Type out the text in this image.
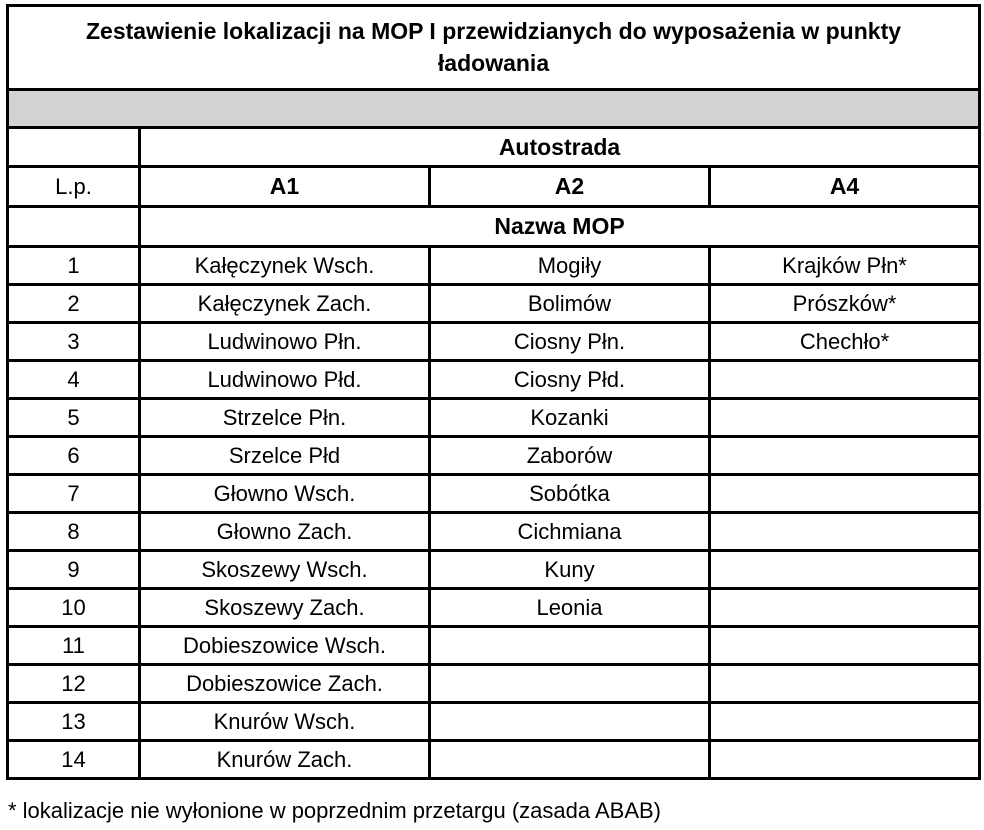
Zestawienie lokalizacji na MOP I przewidzianych do wyposażenia w punkty ładowania			

	Autostrada		
L.p.	A1	A2	A4
	Nazwa MOP		
1	Kałęczynek Wsch.	Mogiły	Krajków Płn*
2	Kałęczynek Zach.	Bolimów	Prószków*
3	Ludwinowo Płn.	Ciosny Płn.	Chechło*
4	Ludwinowo Płd.	Ciosny Płd.	
5	Strzelce Płn.	Kozanki	
6	Srzelce Płd	Zaborów	
7	Głowno Wsch.	Sobótka	
8	Głowno Zach.	Cichmiana	
9	Skoszewy Wsch.	Kuny	
10	Skoszewy Zach.	Leonia	
11	Dobieszowice Wsch.		
12	Dobieszowice Zach.		
13	Knurów Wsch.		
14	Knurów Zach.		
* lokalizacje nie wyłonione w poprzednim przetargu (zasada ABAB)
